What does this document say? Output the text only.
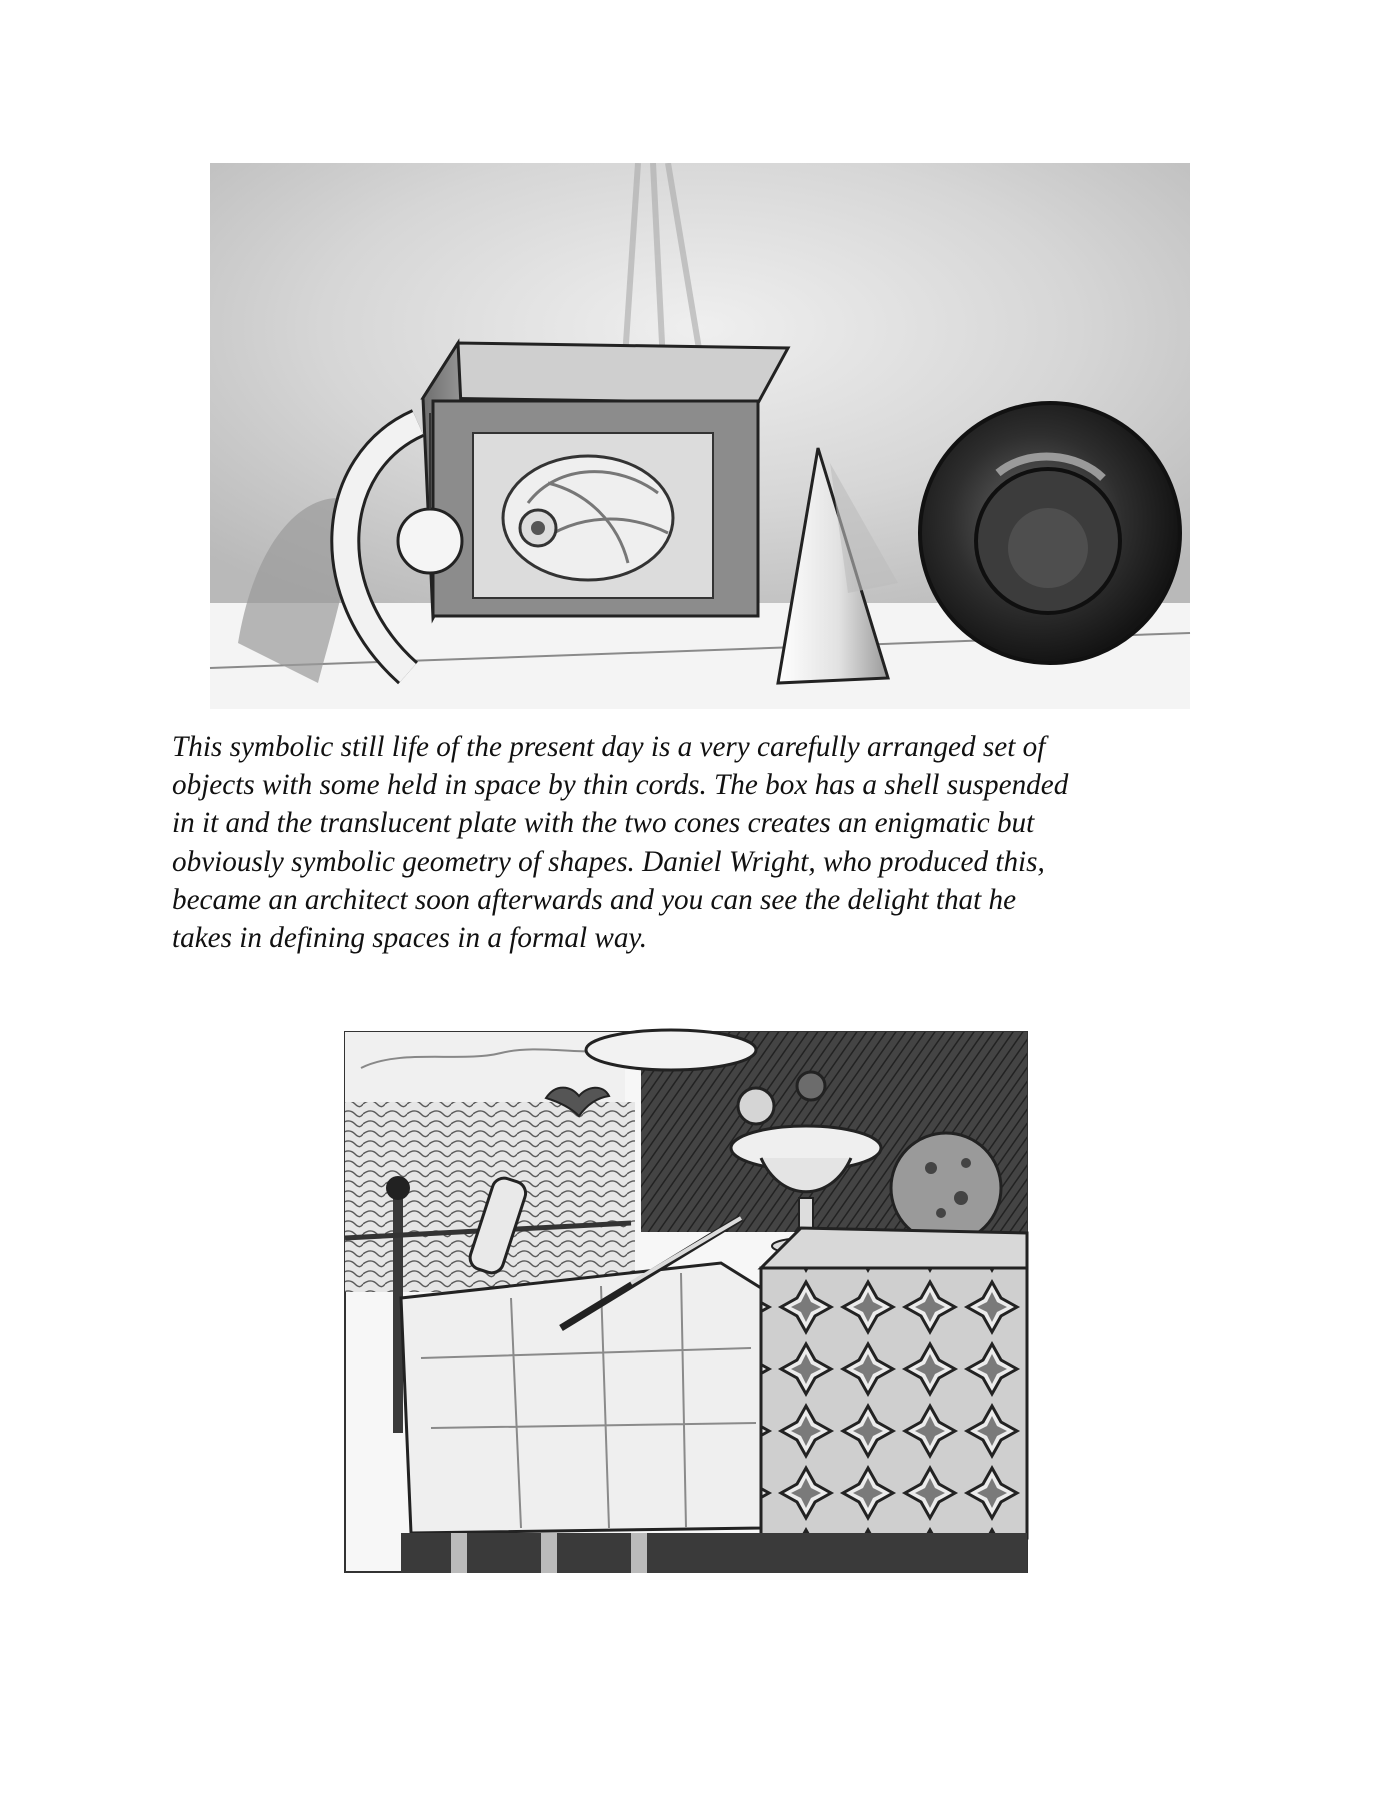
This symbolic still life of the present day is a very carefully arranged set of
objects with some held in space by thin cords. The box has a shell suspended
in it and the translucent plate with the two cones creates an enigmatic but
obviously symbolic geometry of shapes. Daniel Wright, who produced this,
became an architect soon afterwards and you can see the delight that he
takes in defining spaces in a formal way.
